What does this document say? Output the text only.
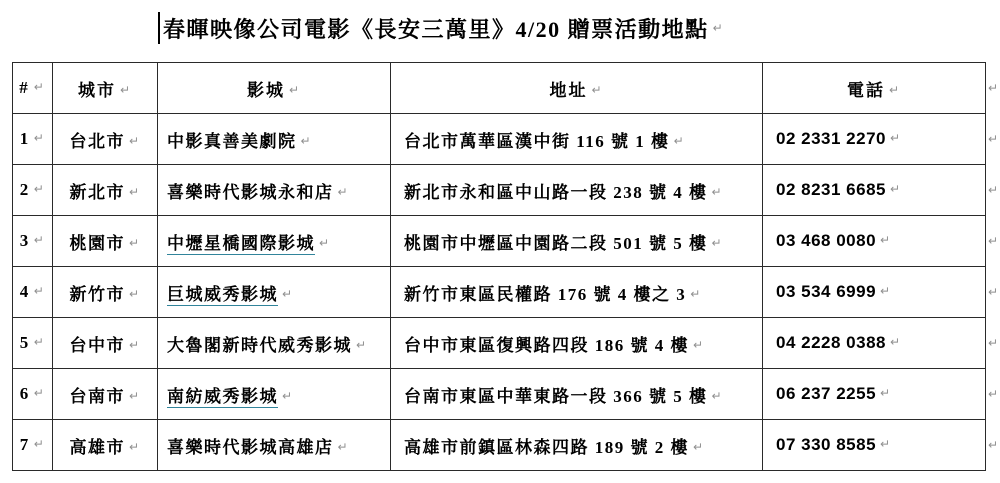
春暉映像公司電影《長安三萬里》4/20 贈票活動地點 ↵
# ↵	城市 ↵	影城 ↵	地址 ↵	電話 ↵
1 ↵	台北市 ↵	中影真善美劇院 ↵	台北市萬華區漢中街 116 號 1 樓 ↵	02 2331 2270 ↵
2 ↵	新北市 ↵	喜樂時代影城永和店 ↵	新北市永和區中山路一段 238 號 4 樓 ↵	02 8231 6685 ↵
3 ↵	桃園市 ↵	中壢星橋國際影城 ↵	桃園市中壢區中園路二段 501 號 5 樓 ↵	03 468 0080 ↵
4 ↵	新竹市 ↵	巨城威秀影城 ↵	新竹市東區民權路 176 號 4 樓之 3 ↵	03 534 6999 ↵
5 ↵	台中市 ↵	大魯閣新時代威秀影城 ↵	台中市東區復興路四段 186 號 4 樓 ↵	04 2228 0388 ↵
6 ↵	台南市 ↵	南紡威秀影城 ↵	台南市東區中華東路一段 366 號 5 樓 ↵	06 237 2255 ↵
7 ↵	高雄市 ↵	喜樂時代影城高雄店 ↵	高雄市前鎮區林森四路 189 號 2 樓 ↵	07 330 8585 ↵
↵
↵
↵
↵
↵
↵
↵
↵
